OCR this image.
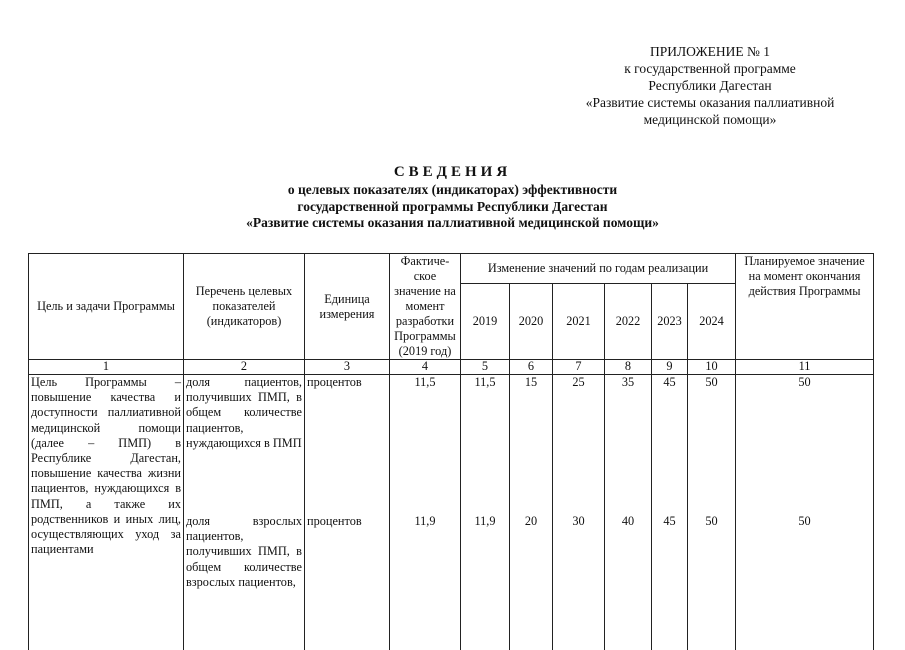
ПРИЛОЖЕНИЕ № 1
к государственной программе
Республики Дагестан
«Развитие системы оказания паллиативной
медицинской помощи»
СВЕДЕНИЯ
о целевых показателях (индикаторах) эффективности
государственной программы Республики Дагестан
«Развитие системы оказания паллиативной медицинской помощи»
Цель и задачи Программы	Перечень целевых показателей (индикаторов)	Единица измерения	Фактиче-ское значение на момент разработки Программы (2019 год)	Изменение значений по годам реализации						Планируемое значение на момент окончания действия Программы
				2019	2020	2021	2022	2023	2024	
1	2	3	4	5	6	7	8	9	10	11
Цель Программы – повышение качества и доступности паллиативной медицинской помощи (далее – ПМП) в Республике Дагестан, повышение качества жизни пациентов, нуждающихся в ПМП, а также их родственников и иных лиц, осуществляющих уход за пациентами	доля пациентов, получивших ПМП, в общем количестве пациентов, нуждающихся в ПМП	процентов	11,5	11,5	15	25	35	45	50	50

	доля взрослых пациентов, получивших ПМП, в общем количестве взрослых пациентов,	процентов	11,9	11,9	20	30	40	45	50	50
